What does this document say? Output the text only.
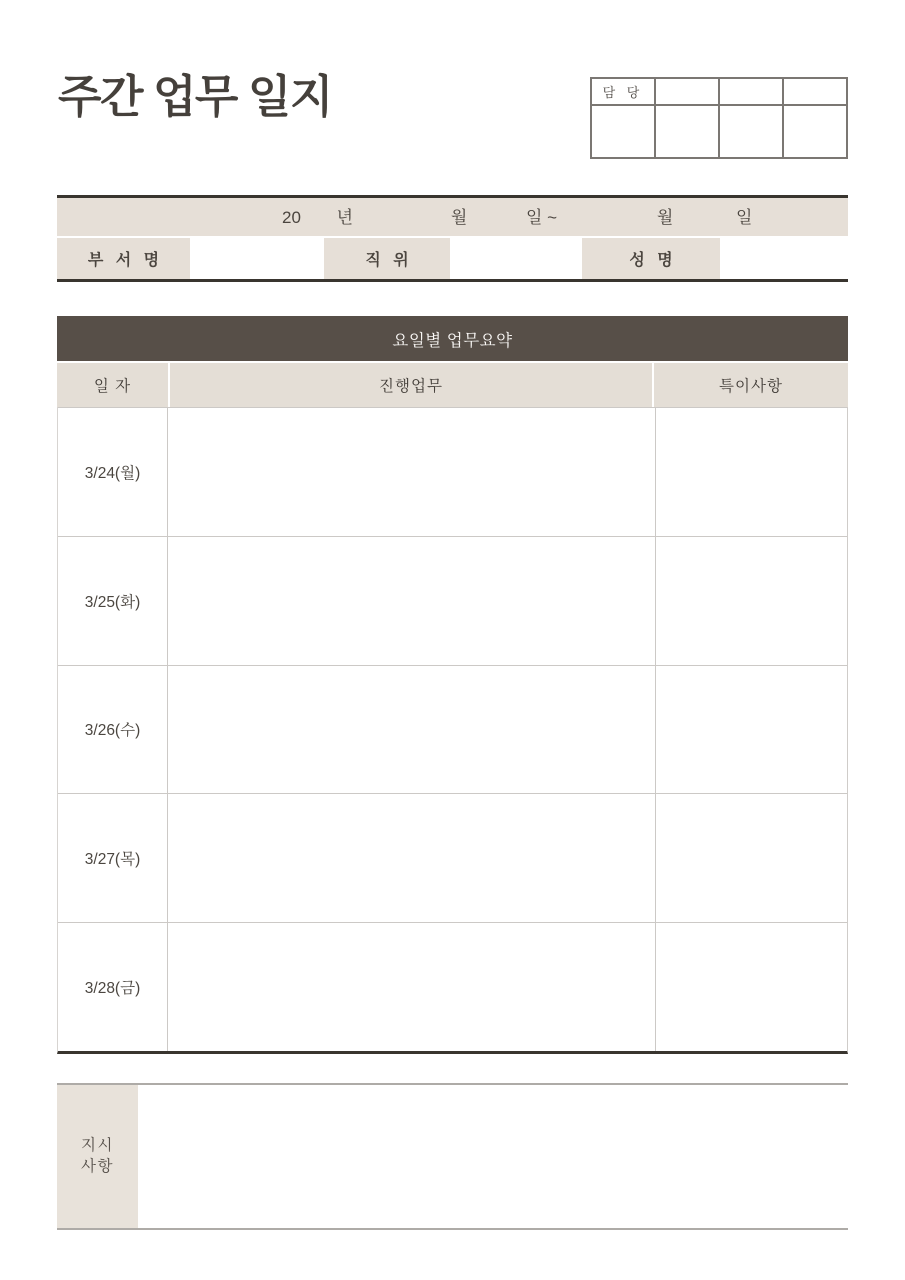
주간 업무 일지	담 당			

20 년	월	일 ~	월	일
부 서 명	직 위	성 명
요일별 업무요약
일 자	진행업무	특이사항
3/24(월)
3/25(화)
3/26(수)
3/27(목)
3/28(금)
지시
사항
